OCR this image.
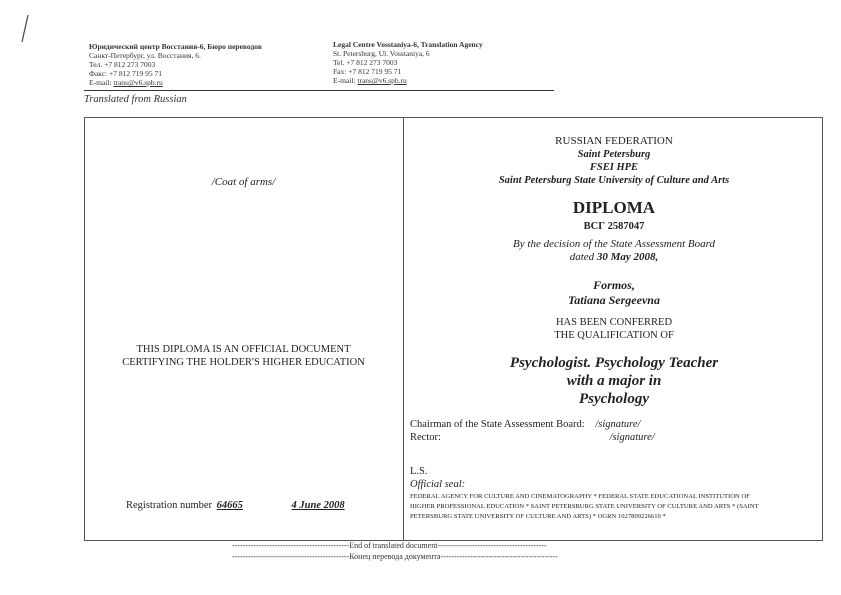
Юридический центр Восстания-6, Бюро переводов
Санкт-Петербург, ул. Восстания, 6.
Тел. +7 812 273 7003
Факс: +7 812 719 95 71
E-mail: trans@v6.spb.ru
Legal Centre Vosstaniya-6, Translation Agency
St. Petersburg, Ul. Vosstaniya, 6
Tel. +7 812 273 7003
Fax: +7 812 719 95 71
E-mail: trans@v6.spb.ru
Translated from Russian
/Coat of arms/
THIS DIPLOMA IS AN OFFICIAL DOCUMENT
CERTIFYING THE HOLDER'S HIGHER EDUCATION
Registration number 64665	4 June 2008
RUSSIAN FEDERATION
Saint Petersburg
FSEI HPE
Saint Petersburg State University of Culture and Arts
DIPLOMA
ВСГ 2587047
By the decision of the State Assessment Board
dated 30 May 2008,
Formos,
Tatiana Sergeevna
HAS BEEN CONFERRED
THE QUALIFICATION OF
Psychologist. Psychology Teacher
with a major in
Psychology
Chairman of the State Assessment Board: /signature/
Rector:	/signature/
L.S.
Official seal:
FEDERAL AGENCY FOR CULTURE AND CINEMATOGRAPHY * FEDERAL STATE EDUCATIONAL INSTITUTION OF
HIGHER PROFESSIONAL EDUCATION * SAINT PETERSBURG STATE UNIVERSITY OF CULTURE AND ARTS * (SAINT
PETERSBURG STATE UNIVERSITY OF CULTURE AND ARTS) * OGRN 1027809226610 *
--------------------------------------------End of translated document-----------------------------------------
--------------------------------------------Конец перевода документа--------------------------------------------
